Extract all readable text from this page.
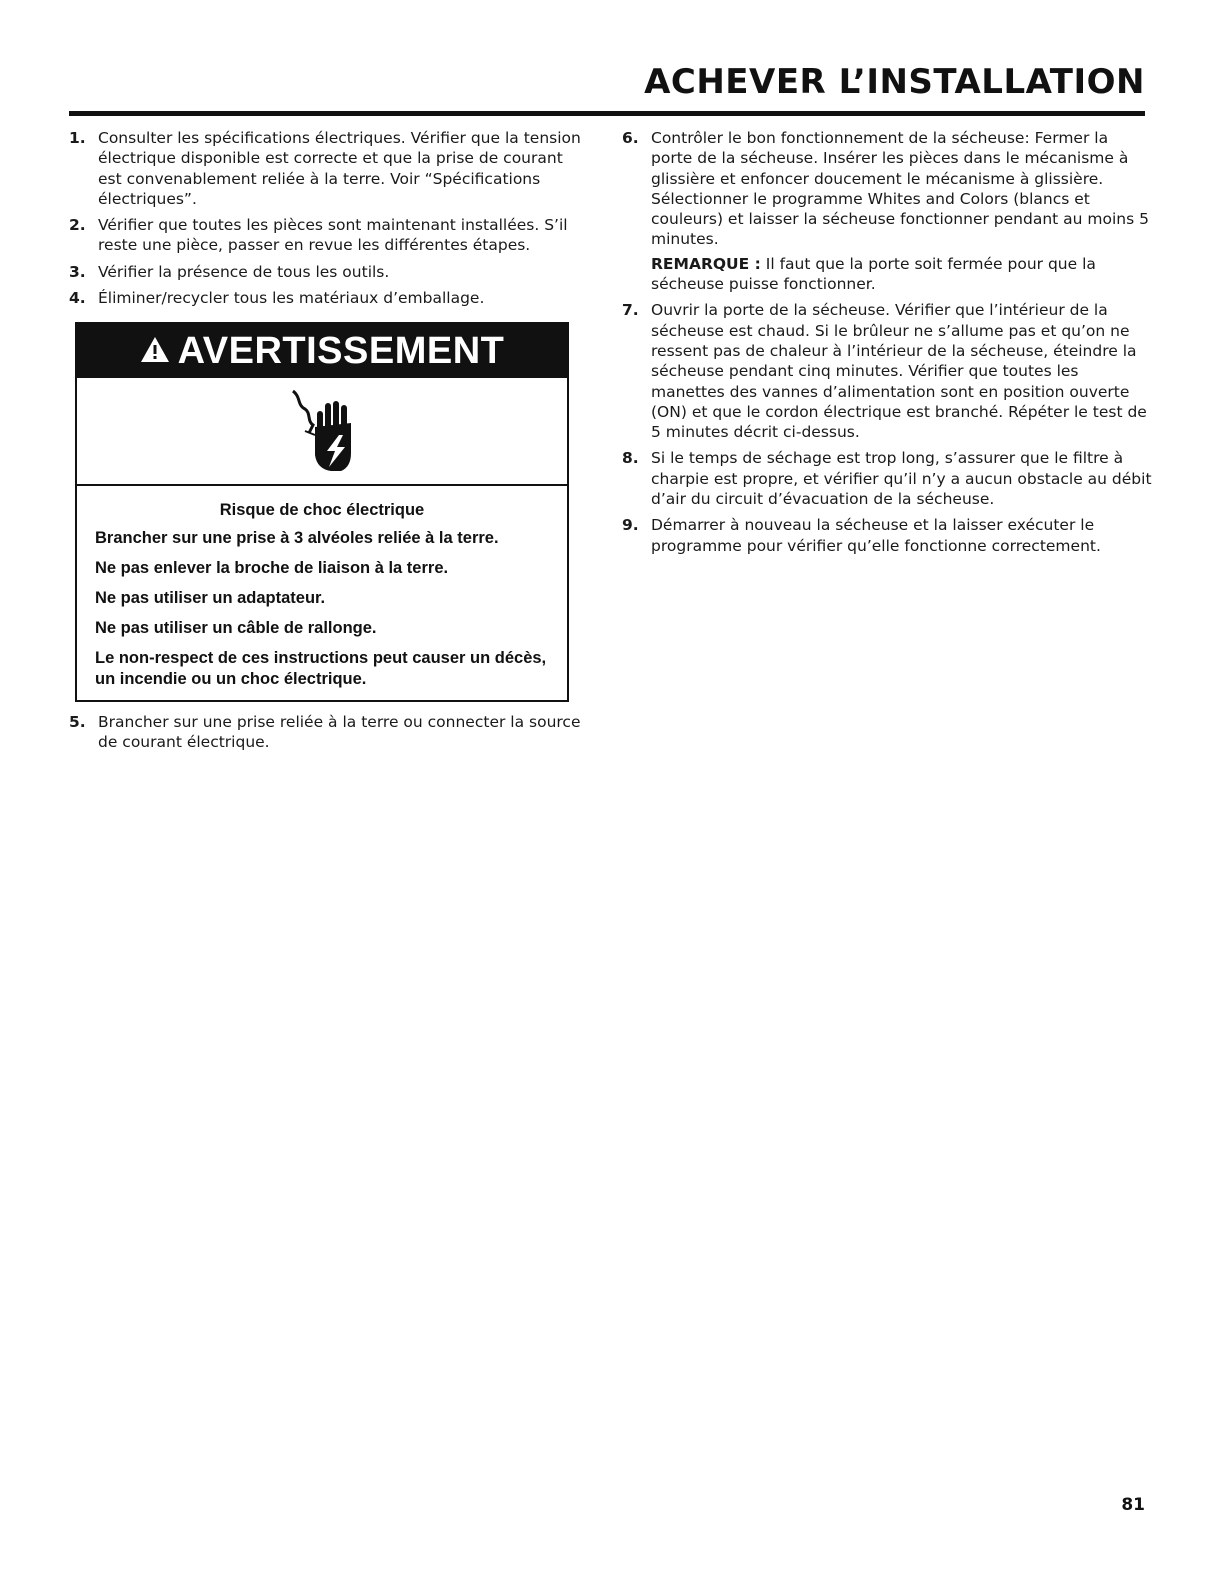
ACHEVER L’INSTALLATION
1. Consulter les spécifications électriques. Vérifier que la tension électrique disponible est correcte et que la prise de courant est convenablement reliée à la terre. Voir “Spécifications électriques”.
2. Vérifier que toutes les pièces sont maintenant installées. S’il reste une pièce, passer en revue les différentes étapes.
3. Vérifier la présence de tous les outils.
4. Éliminer/recycler tous les matériaux d’emballage.
AVERTISSEMENT
Risque de choc électrique
Brancher sur une prise à 3 alvéoles reliée à la terre.
Ne pas enlever la broche de liaison à la terre.
Ne pas utiliser un adaptateur.
Ne pas utiliser un câble de rallonge.
Le non-respect de ces instructions peut causer un décès, un incendie ou un choc électrique.
5. Brancher sur une prise reliée à la terre ou connecter la source de courant électrique.
6. Contrôler le bon fonctionnement de la sécheuse: Fermer la porte de la sécheuse. Insérer les pièces dans le mécanisme à glissière et enfoncer doucement le mécanisme à glissière. Sélectionner le programme Whites and Colors (blancs et couleurs) et laisser la sécheuse fonctionner pendant au moins 5 minutes.
REMARQUE : Il faut que la porte soit fermée pour que la sécheuse puisse fonctionner.
7. Ouvrir la porte de la sécheuse. Vérifier que l’intérieur de la sécheuse est chaud. Si le brûleur ne s’allume pas et qu’on ne ressent pas de chaleur à l’intérieur de la sécheuse, éteindre la sécheuse pendant cinq minutes. Vérifier que toutes les manettes des vannes d’alimentation sont en position ouverte (ON) et que le cordon électrique est branché. Répéter le test de 5 minutes décrit ci-dessus.
8. Si le temps de séchage est trop long, s’assurer que le filtre à charpie est propre, et vérifier qu’il n’y a aucun obstacle au débit d’air du circuit d’évacuation de la sécheuse.
9. Démarrer à nouveau la sécheuse et la laisser exécuter le programme pour vérifier qu’elle fonctionne correctement.
81
